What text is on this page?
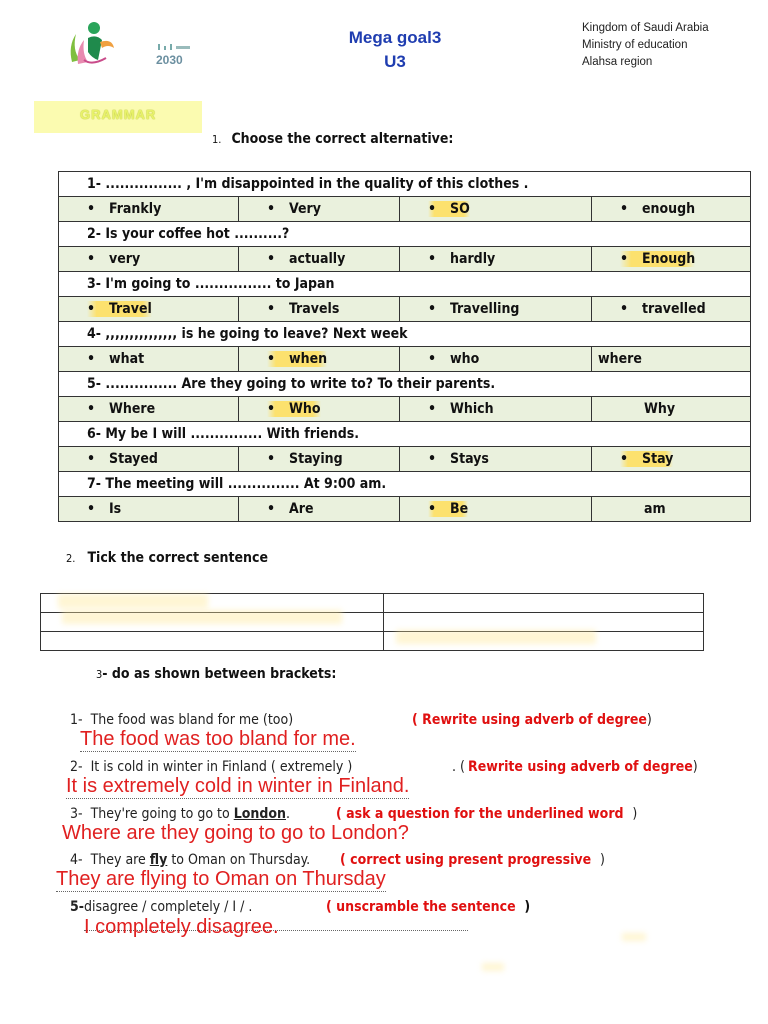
2030
Mega goal3
U3
Kingdom of Saudi Arabia
Ministry of education
Alahsa region
GRAMMAR
1. Choose the correct alternative:
1- ................ , I'm disappointed in the quality of this clothes .			
• Frankly	• Very	• SO	• enough
2- Is your coffee hot ..........?			
• very	• actually	• hardly	• Enough
3- I'm going to ................ to Japan			
• Travel	• Travels	• Travelling	• travelled
4- ,,,,,,,,,,,,,,, is he going to leave? Next week			
• what	• when	• who	where
5- ............... Are they going to write to? To their parents.			
• Where	• Who	• Which	Why
6- My be I will ............... With friends.			
• Stayed	• Staying	• Stays	• Stay
7- The meeting will ............... At 9:00 am.			
• Is	• Are	• Be	am
2. Tick the correct sentence

3- do as shown between brackets:
1- The food was bland for me (too)	( Rewrite using adverb of degree)
The food was too bland for me.
2- It is cold in winter in Finland ( extremely )	. ( Rewrite using adverb of degree)
It is extremely cold in winter in Finland.
3- They're going to go to London.	( ask a question for the underlined word )
Where are they going to go to London?
4- They are fly to Oman on Thursday. ( correct using present progressive )
They are flying to Oman on Thursday
5-disagree / completely / I / .	( unscramble the sentence )
I completely disagree.
